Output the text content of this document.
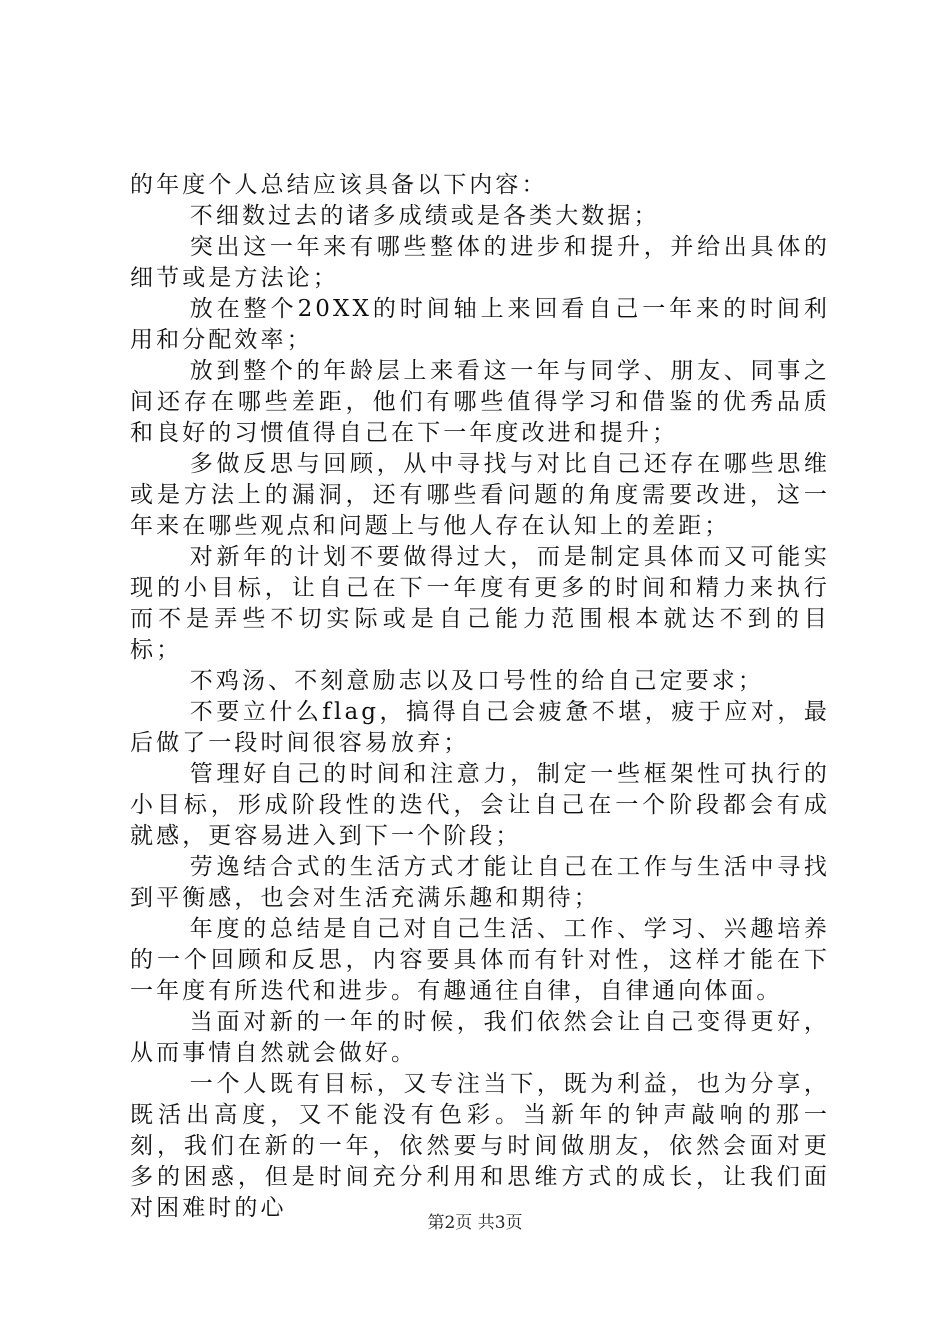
的年度个人总结应该具备以下内容：

不细数过去的诸多成绩或是各类大数据；

突出这一年来有哪些整体的进步和提升，并给出具体的细节或是方法论；

放在整个20XX的时间轴上来回看自己一年来的时间利用和分配效率；

放到整个的年龄层上来看这一年与同学、朋友、同事之间还存在哪些差距，他们有哪些值得学习和借鉴的优秀品质和良好的习惯值得自己在下一年度改进和提升；

多做反思与回顾，从中寻找与对比自己还存在哪些思维或是方法上的漏洞，还有哪些看问题的角度需要改进，这一年来在哪些观点和问题上与他人存在认知上的差距；

对新年的计划不要做得过大，而是制定具体而又可能实现的小目标，让自己在下一年度有更多的时间和精力来执行而不是弄些不切实际或是自己能力范围根本就达不到的目标；

不鸡汤、不刻意励志以及口号性的给自己定要求；

不要立什么flag，搞得自己会疲惫不堪，疲于应对，最后做了一段时间很容易放弃；

管理好自己的时间和注意力，制定一些框架性可执行的小目标，形成阶段性的迭代，会让自己在一个阶段都会有成就感，更容易进入到下一个阶段；

劳逸结合式的生活方式才能让自己在工作与生活中寻找到平衡感，也会对生活充满乐趣和期待；

年度的总结是自己对自己生活、工作、学习、兴趣培养的一个回顾和反思，内容要具体而有针对性，这样才能在下一年度有所迭代和进步。有趣通往自律，自律通向体面。

当面对新的一年的时候，我们依然会让自己变得更好，从而事情自然就会做好。

一个人既有目标，又专注当下，既为利益，也为分享，既活出高度，又不能没有色彩。当新年的钟声敲响的那一刻，我们在新的一年，依然要与时间做朋友，依然会面对更多的困惑，但是时间充分利用和思维方式的成长，让我们面对困难时的心

第2页 共3页
